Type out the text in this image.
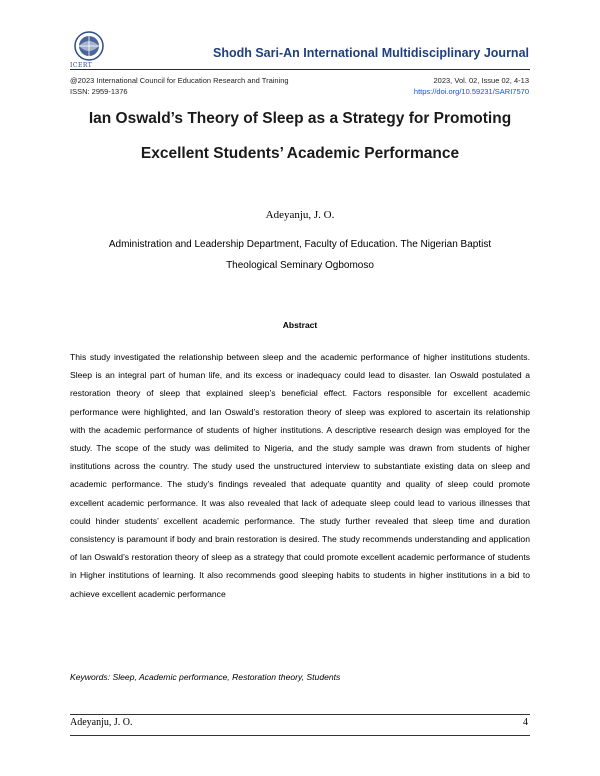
ICERT
Shodh Sari-An International Multidisciplinary Journal
@2023 International Council for Education Research and Training
ISSN: 2959-1376
2023, Vol. 02, Issue 02, 4-13
https://doi.org/10.59231/SARI7570
Ian Oswald’s Theory of Sleep as a Strategy for Promoting
Excellent Students’ Academic Performance
Adeyanju, J. O.
Administration and Leadership Department, Faculty of Education. The Nigerian Baptist
Theological Seminary Ogbomoso
Abstract
This study investigated the relationship between sleep and the academic performance of higher institutions students. Sleep is an integral part of human life, and its excess or inadequacy could lead to disaster. Ian Oswald postulated a restoration theory of sleep that explained sleep’s beneficial effect. Factors responsible for excellent academic performance were highlighted, and Ian Oswald’s restoration theory of sleep was explored to ascertain its relationship with the academic performance of students of higher institutions. A descriptive research design was employed for the study. The scope of the study was delimited to Nigeria, and the study sample was drawn from students of higher institutions across the country. The study used the unstructured interview to substantiate existing data on sleep and academic performance. The study’s findings revealed that adequate quantity and quality of sleep could promote excellent academic performance. It was also revealed that lack of adequate sleep could lead to various illnesses that could hinder students’ excellent academic performance. The study further revealed that sleep time and duration consistency is paramount if body and brain restoration is desired. The study recommends understanding and application of Ian Oswald’s restoration theory of sleep as a strategy that could promote excellent academic performance of students in Higher institutions of learning. It also recommends good sleeping habits to students in higher institutions in a bid to achieve excellent academic performance
Keywords: Sleep, Academic performance, Restoration theory, Students
Adeyanju, J. O.	4
